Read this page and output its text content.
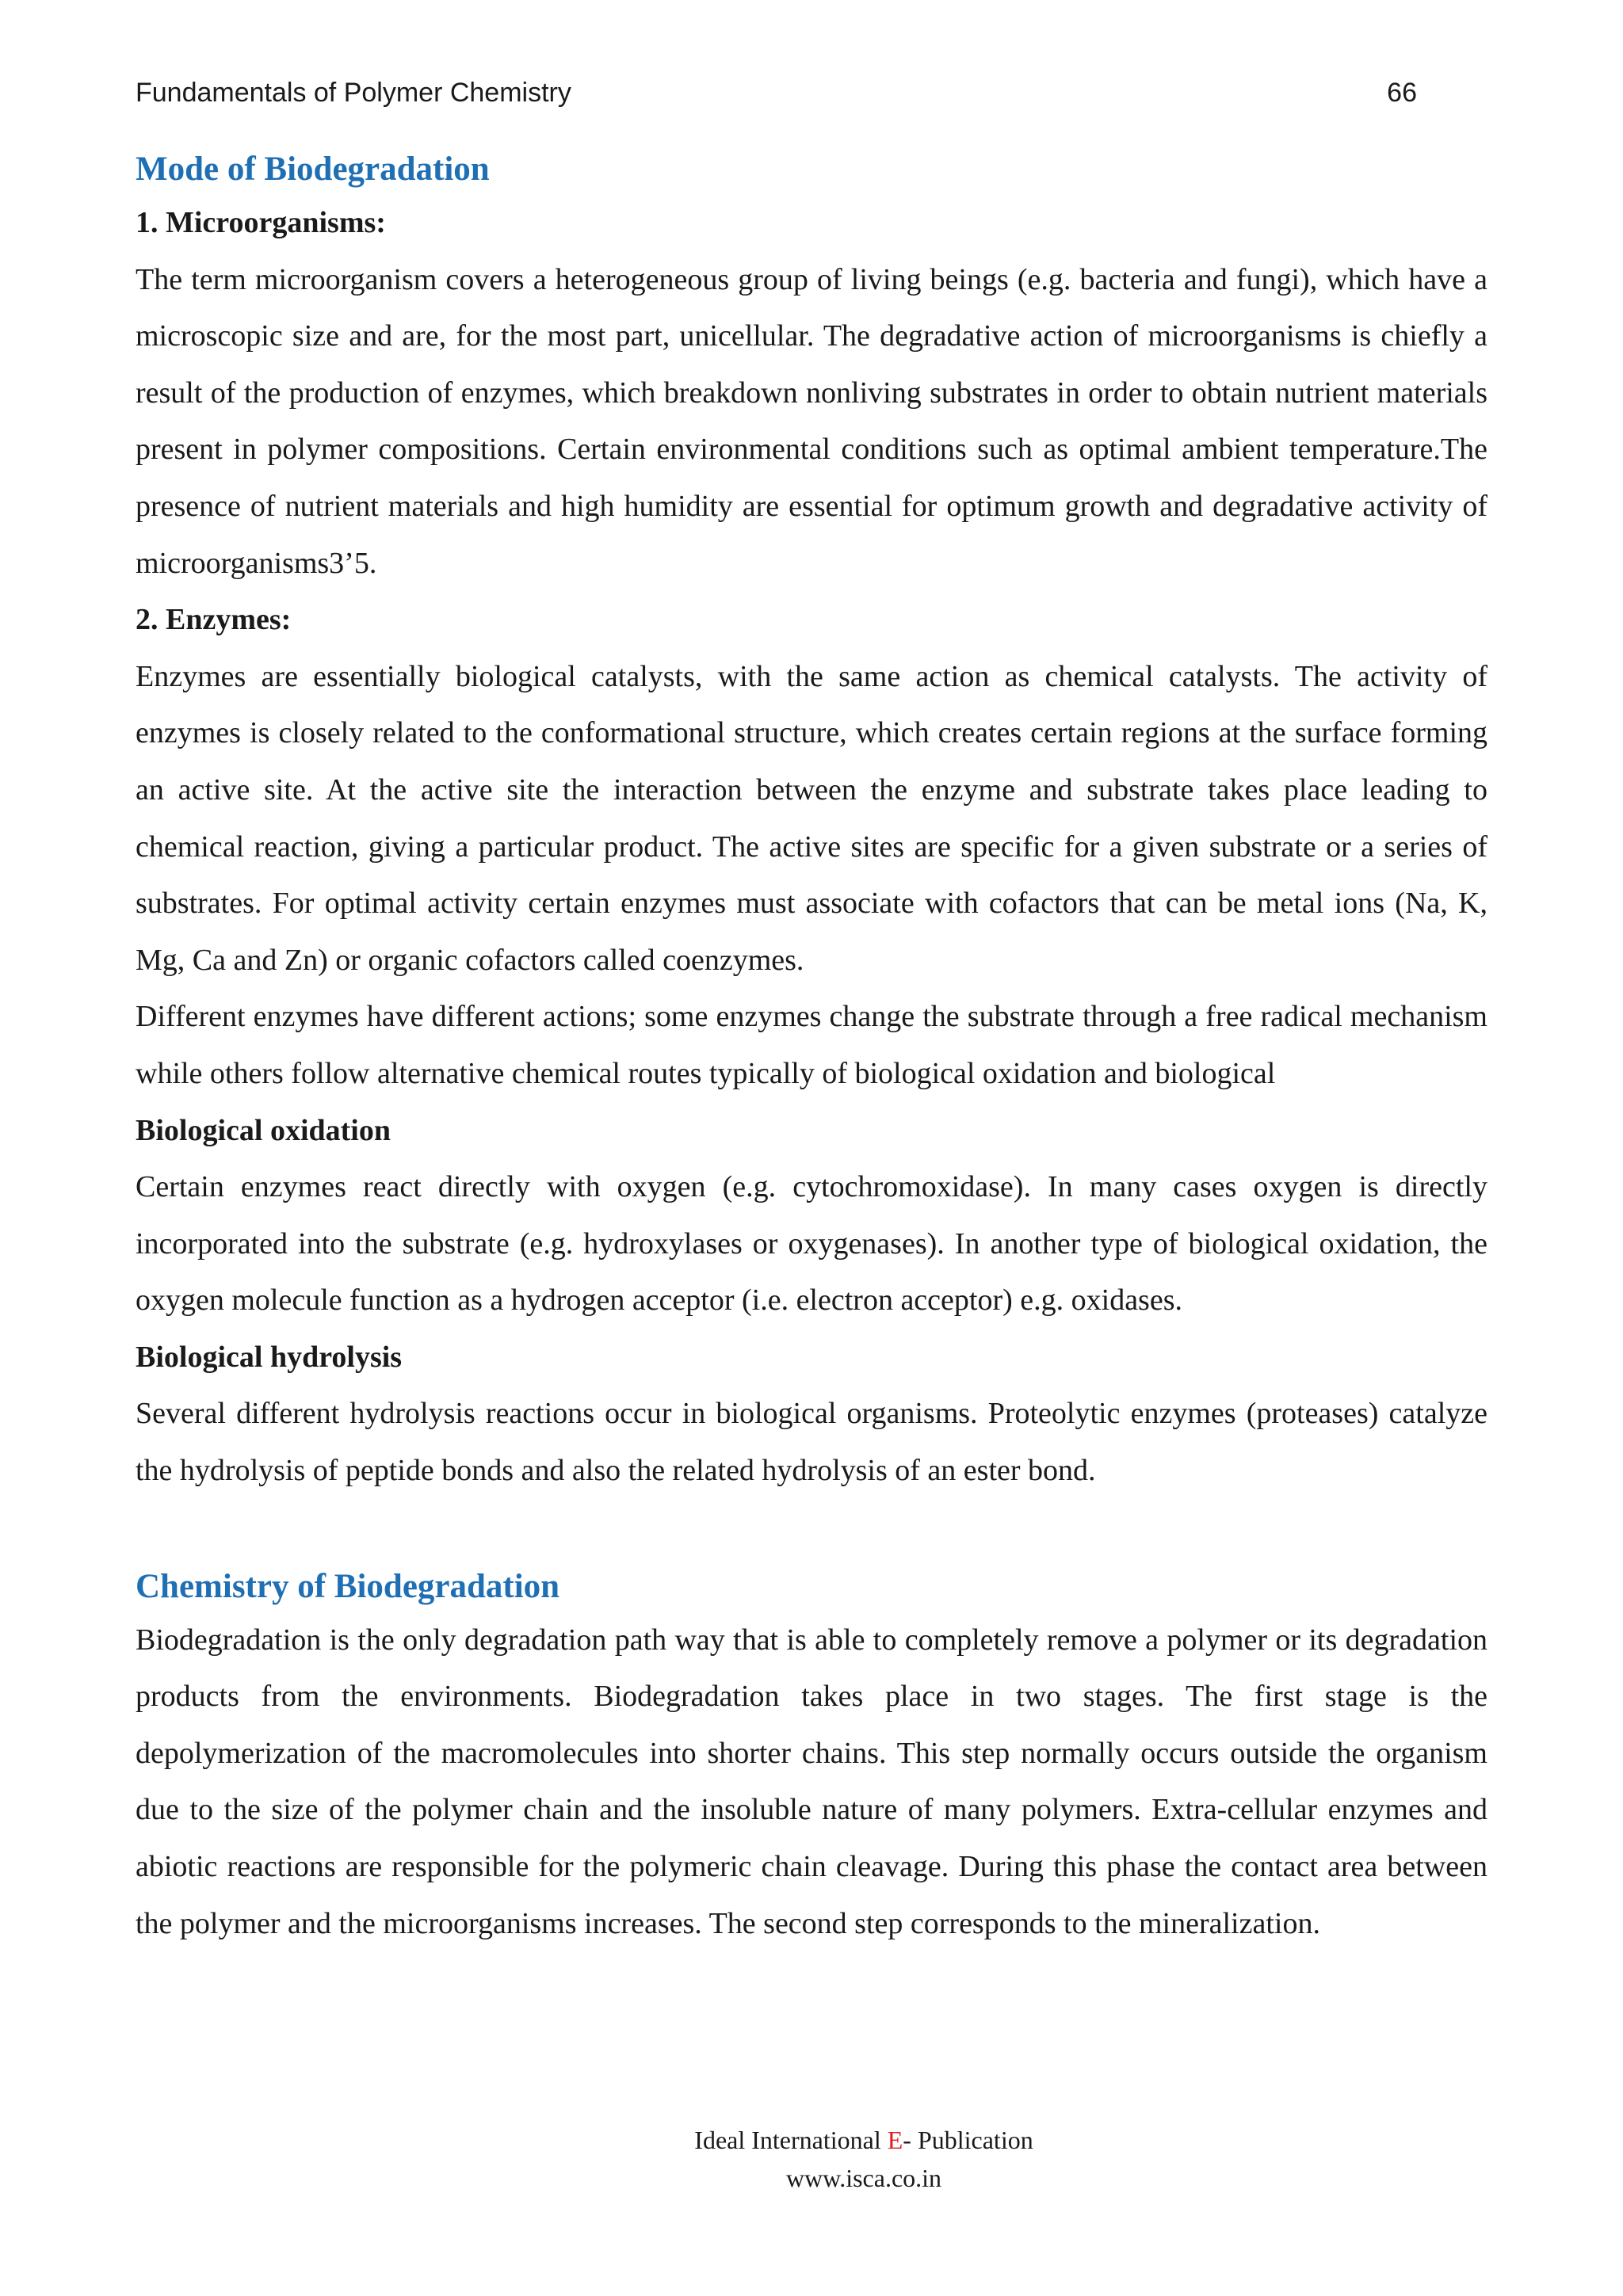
Fundamentals of Polymer Chemistry	66
Mode of Biodegradation
1. Microorganisms:

The term microorganism covers a heterogeneous group of living beings (e.g. bacteria and fungi), which have a microscopic size and are, for the most part, unicellular. The degradative action of microorganisms is chiefly a result of the production of enzymes, which breakdown nonliving substrates in order to obtain nutrient materials present in polymer compositions. Certain environmental conditions such as optimal ambient temperature.The presence of nutrient materials and high humidity are essential for optimum growth and degradative activity of microorganisms3’5.

2. Enzymes:

Enzymes are essentially biological catalysts, with the same action as chemical catalysts. The activity of enzymes is closely related to the conformational structure, which creates certain regions at the surface forming an active site. At the active site the interaction between the enzyme and substrate takes place leading to chemical reaction, giving a particular product. The active sites are specific for a given substrate or a series of substrates. For optimal activity certain enzymes must associate with cofactors that can be metal ions (Na, K, Mg, Ca and Zn) or organic cofactors called coenzymes.

Different enzymes have different actions; some enzymes change the substrate through a free radical mechanism while others follow alternative chemical routes typically of biological oxidation and biological

Biological oxidation

Certain enzymes react directly with oxygen (e.g. cytochromoxidase). In many cases oxygen is directly incorporated into the substrate (e.g. hydroxylases or oxygenases). In another type of biological oxidation, the oxygen molecule function as a hydrogen acceptor (i.e. electron acceptor) e.g. oxidases.

Biological hydrolysis

Several different hydrolysis reactions occur in biological organisms. Proteolytic enzymes (proteases) catalyze the hydrolysis of peptide bonds and also the related hydrolysis of an ester bond.

Chemistry of Biodegradation

Biodegradation is the only degradation path way that is able to completely remove a polymer or its degradation products from the environments. Biodegradation takes place in two stages. The first stage is the depolymerization of the macromolecules into shorter chains. This step normally occurs outside the organism due to the size of the polymer chain and the insoluble nature of many polymers. Extra-cellular enzymes and abiotic reactions are responsible for the polymeric chain cleavage. During this phase the contact area between the polymer and the microorganisms increases. The second step corresponds to the mineralization.

Ideal International E- Publication
www.isca.co.in
